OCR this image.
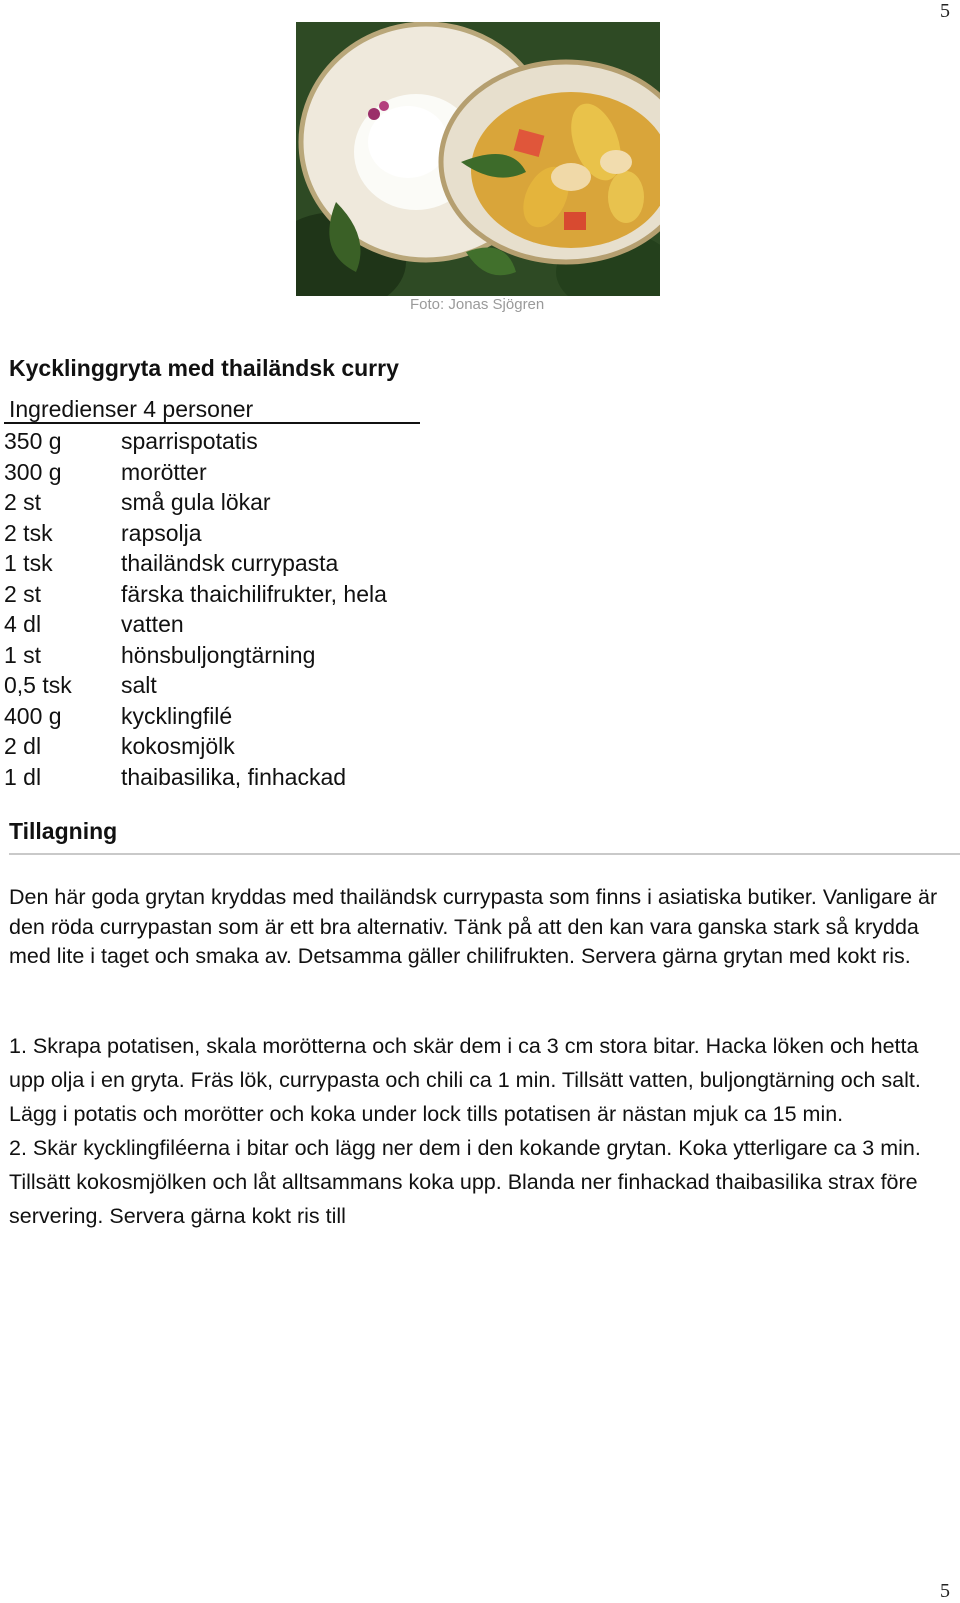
5
Foto: Jonas Sjögren
Kycklinggryta med thailändsk curry
Ingredienser 4 personer
350 g	sparrispotatis
300 g	morötter
2 st	små gula lökar
2 tsk	rapsolja
1 tsk	thailändsk currypasta
2 st	färska thaichilifrukter, hela
4 dl	vatten
1 st	hönsbuljongtärning
0,5 tsk	salt
400 g	kycklingfilé
2 dl	kokosmjölk
1 dl	thaibasilika, finhackad
Tillagning

Den här goda grytan kryddas med thailändsk currypasta som finns i asiatiska butiker. Vanligare är den röda currypastan som är ett bra alternativ. Tänk på att den kan vara ganska stark så krydda med lite i taget och smaka av. Detsamma gäller chilifrukten. Servera gärna grytan med kokt ris.

1. Skrapa potatisen, skala morötterna och skär dem i ca 3 cm stora bitar. Hacka löken och hetta upp olja i en gryta. Fräs lök, currypasta och chili ca 1 min. Tillsätt vatten, buljongtärning och salt.

Lägg i potatis och morötter och koka under lock tills potatisen är nästan mjuk ca 15 min.

2. Skär kycklingfiléerna i bitar och lägg ner dem i den kokande grytan. Koka ytterligare ca 3 min. Tillsätt kokosmjölken och låt alltsammans koka upp. Blanda ner finhackad thaibasilika strax före servering. Servera gärna kokt ris till

5
